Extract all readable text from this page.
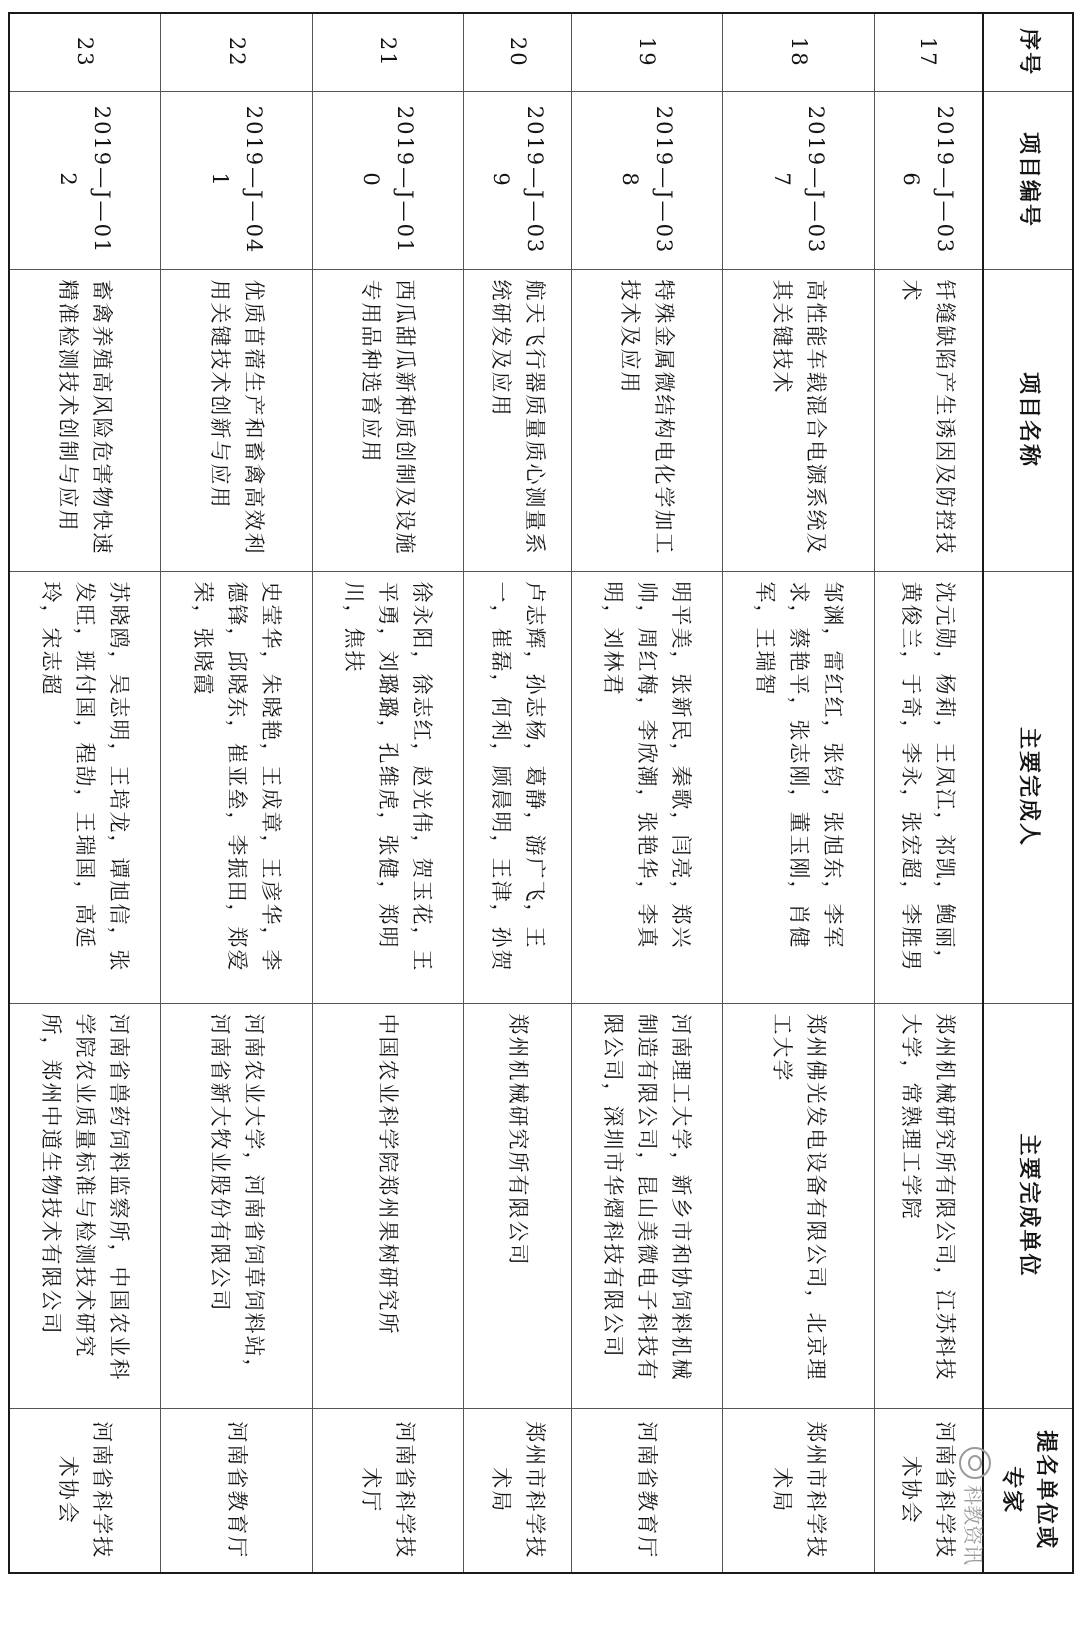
序号	项目编号	项目名称	主要完成人	主要完成单位	提名单位或专家
17	2019—J—036	钎缝缺陷产生诱因及防控技术	沈元勋，杨莉，王凤江，祁凯，鲍丽，黄俊兰，于奇，李永，张宏超，李胜男	郑州机械研究所有限公司，江苏科技大学，常熟理工学院	河南省科学技术协会
18	2019—J—037	高性能车载混合电源系统及其关键技术	邹渊，雷红红，张钧，张旭东，李军求，蔡艳平，张志刚，董玉刚，肖健军，王瑞智	郑州佛光发电设备有限公司，北京理工大学	郑州市科学技术局
19	2019—J—038	特殊金属微结构电化学加工技术及应用	明平美，张新民，秦歌，闫亮，郑兴帅，周红梅，李欣潮，张艳华，李真明，刘林君	河南理工大学，新乡市和协饲料机械制造有限公司，昆山美微电子科技有限公司，深圳市华熠科技有限公司	河南省教育厅
20	2019—J—039	航天飞行器质量质心测量系统研发及应用	卢志辉，孙志杨，葛静，游广飞，王一，崔磊，何利，顾晨明，王津，孙贺	郑州机械研究所有限公司	郑州市科学技术局
21	2019—J—010	西瓜甜瓜新种质创制及设施专用品种选育应用	徐永阳，徐志红，赵光伟，贺玉花，王平勇，刘璐璐，孔维虎，张健，郑明川，焦扶	中国农业科学院郑州果树研究所	河南省科学技术厅
22	2019—J—041	优质苜蓿生产和畜禽高效利用关键技术创新与应用	史莹华，朱晓艳，王成章，王彦华，李德锋，邱晓东，崔亚垒，李振田，郑爱荣，张晓霞	河南农业大学，河南省饲草饲料站，河南省新大牧业股份有限公司	河南省教育厅
23	2019—J—012	畜禽养殖高风险危害物快速精准检测技术创制与应用	苏晓鸥，吴志明，王培龙，谭旭信，张发旺，班付国，程劼，王瑞国，高延玲，宋志超	河南省兽药饲料监察所，中国农业科学院农业质量标准与检测技术研究所，郑州中道生物技术有限公司	河南省科学技术协会	科教资讯
